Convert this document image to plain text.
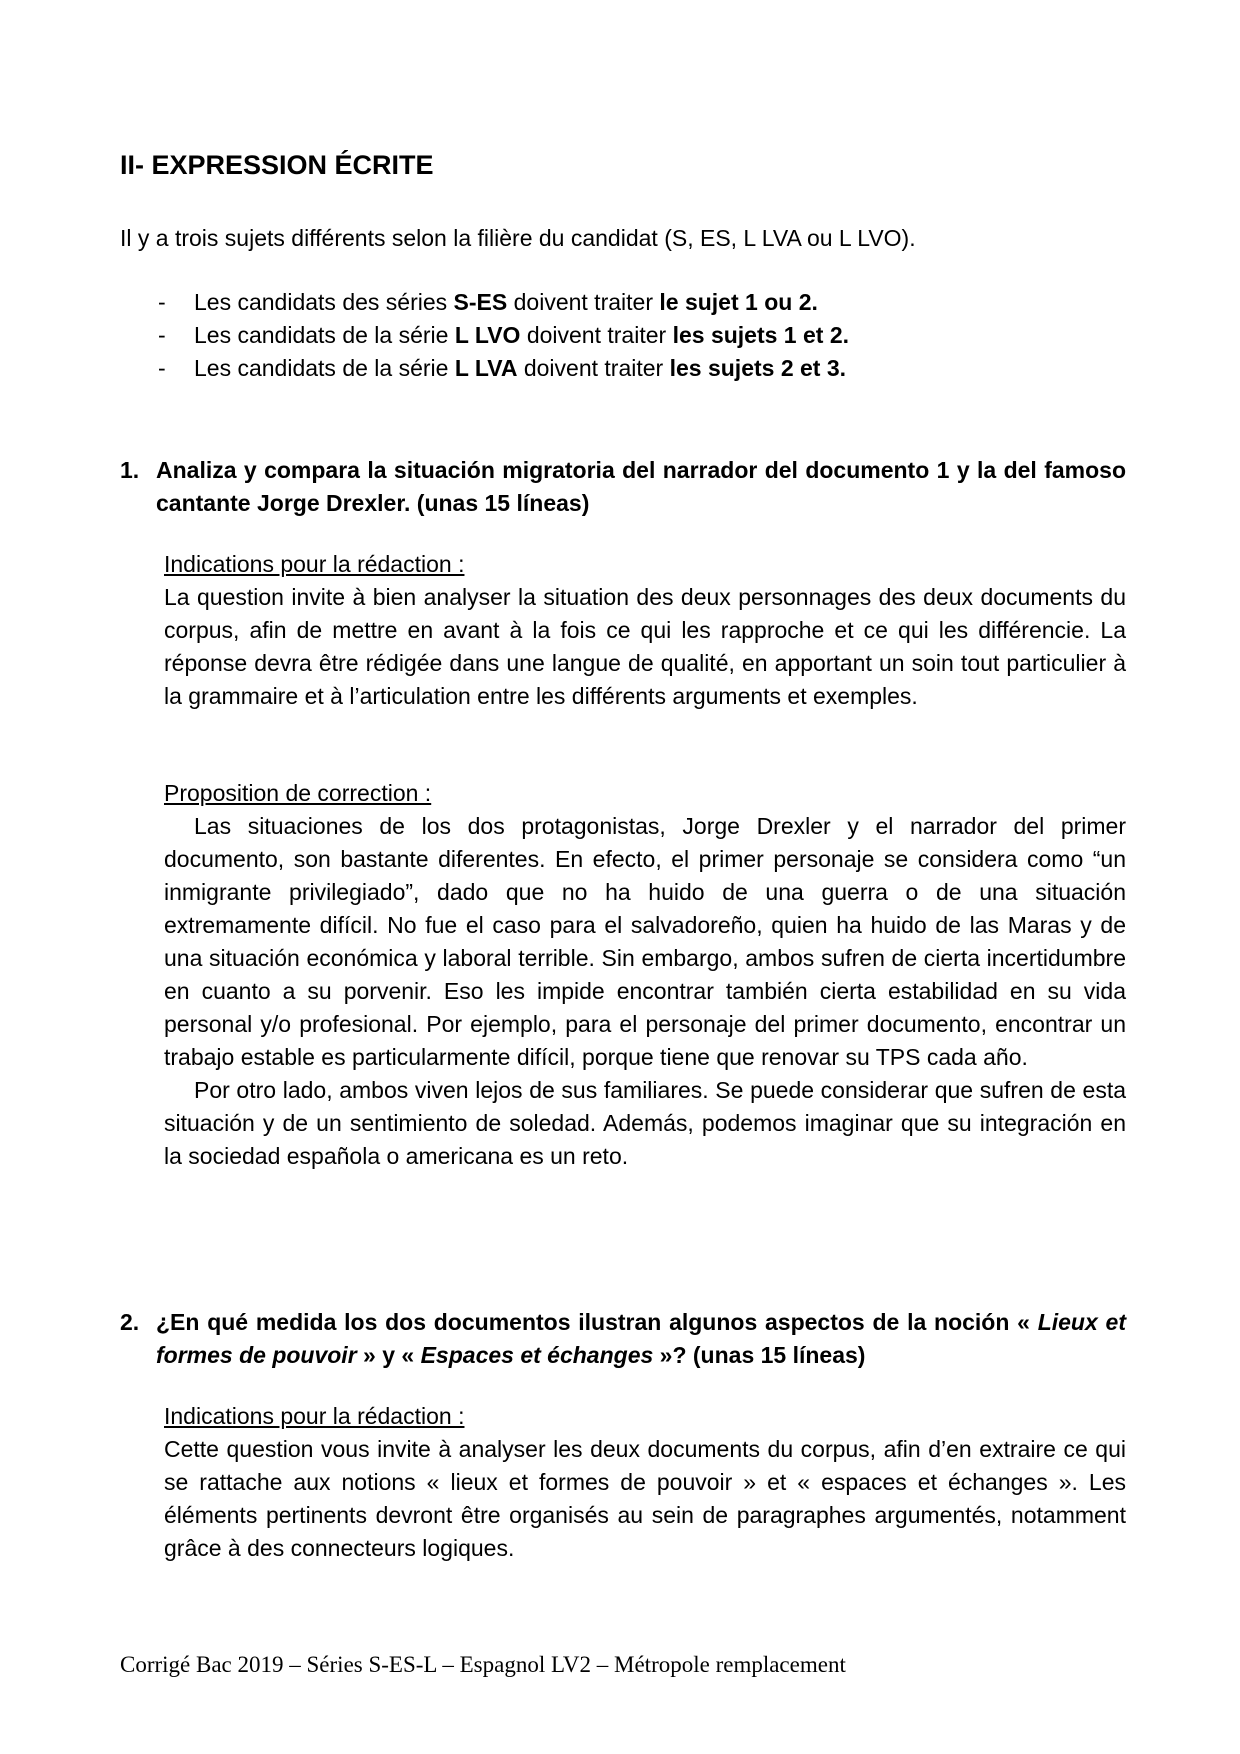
II- EXPRESSION ÉCRITE

Il y a trois sujets différents selon la filière du candidat (S, ES, L LVA ou L LVO).

- Les candidats des séries S-ES doivent traiter le sujet 1 ou 2.
- Les candidats de la série L LVO doivent traiter les sujets 1 et 2.
- Les candidats de la série L LVA doivent traiter les sujets 2 et 3.

1. Analiza y compara la situación migratoria del narrador del documento 1 y la del famoso cantante Jorge Drexler. (unas 15 líneas)

Indications pour la rédaction :

La question invite à bien analyser la situation des deux personnages des deux documents du corpus, afin de mettre en avant à la fois ce qui les rapproche et ce qui les différencie. La réponse devra être rédigée dans une langue de qualité, en apportant un soin tout particulier à la grammaire et à l’articulation entre les différents arguments et exemples.

Proposition de correction :

Las situaciones de los dos protagonistas, Jorge Drexler y el narrador del primer documento, son bastante diferentes. En efecto, el primer personaje se considera como “un inmigrante privilegiado”, dado que no ha huido de una guerra o de una situación extremamente difícil. No fue el caso para el salvadoreño, quien ha huido de las Maras y de una situación económica y laboral terrible. Sin embargo, ambos sufren de cierta incertidumbre en cuanto a su porvenir. Eso les impide encontrar también cierta estabilidad en su vida personal y/o profesional. Por ejemplo, para el personaje del primer documento, encontrar un trabajo estable es particularmente difícil, porque tiene que renovar su TPS cada año.

Por otro lado, ambos viven lejos de sus familiares. Se puede considerar que sufren de esta situación y de un sentimiento de soledad. Además, podemos imaginar que su integración en la sociedad española o americana es un reto.

2. ¿En qué medida los dos documentos ilustran algunos aspectos de la noción « Lieux et formes de pouvoir » y « Espaces et échanges »? (unas 15 líneas)

Indications pour la rédaction :

Cette question vous invite à analyser les deux documents du corpus, afin d’en extraire ce qui se rattache aux notions « lieux et formes de pouvoir » et « espaces et échanges ». Les éléments pertinents devront être organisés au sein de paragraphes argumentés, notamment grâce à des connecteurs logiques.

Corrigé Bac 2019 – Séries S-ES-L – Espagnol LV2 – Métropole remplacement
